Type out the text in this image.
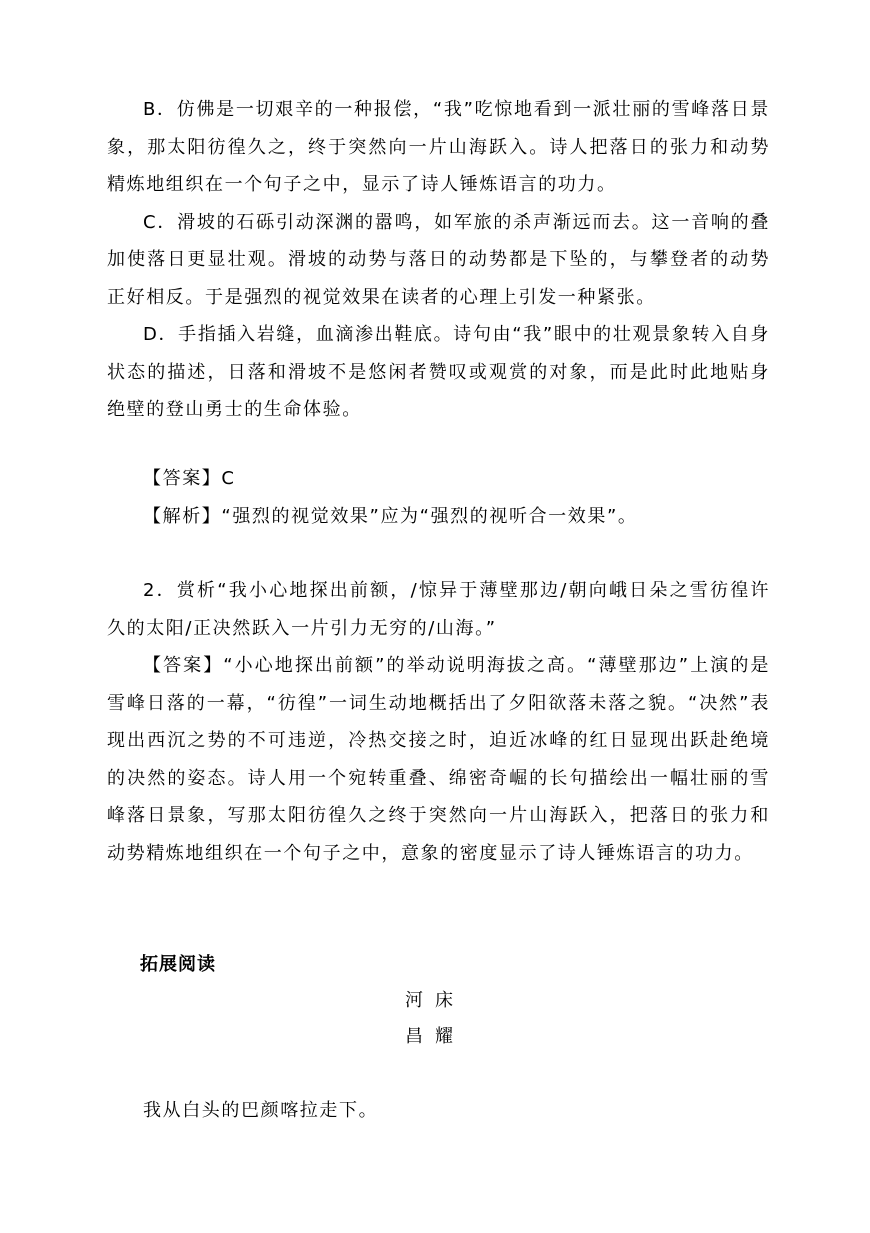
B．仿佛是一切艰辛的一种报偿，“我”吃惊地看到一派壮丽的雪峰落日景象，那太阳彷徨久之，终于突然向一片山海跃入。诗人把落日的张力和动势精炼地组织在一个句子之中，显示了诗人锤炼语言的功力。

C．滑坡的石砾引动深渊的嚣鸣，如军旅的杀声渐远而去。这一音响的叠加使落日更显壮观。滑坡的动势与落日的动势都是下坠的，与攀登者的动势正好相反。于是强烈的视觉效果在读者的心理上引发一种紧张。

D．手指插入岩缝，血滴渗出鞋底。诗句由“我”眼中的壮观景象转入自身状态的描述，日落和滑坡不是悠闲者赞叹或观赏的对象，而是此时此地贴身绝壁的登山勇士的生命体验。

【答案】C

【解析】“强烈的视觉效果”应为“强烈的视听合一效果”。

2．赏析“我小心地探出前额，/惊异于薄壁那边/朝向峨日朵之雪彷徨许久的太阳/正决然跃入一片引力无穷的/山海。”

【答案】“小心地探出前额”的举动说明海拔之高。“薄壁那边”上演的是雪峰日落的一幕，“彷徨”一词生动地概括出了夕阳欲落未落之貌。“决然”表现出西沉之势的不可违逆，冷热交接之时，迫近冰峰的红日显现出跃赴绝境的决然的姿态。诗人用一个宛转重叠、绵密奇崛的长句描绘出一幅壮丽的雪峰落日景象，写那太阳彷徨久之终于突然向一片山海跃入，把落日的张力和动势精炼地组织在一个句子之中，意象的密度显示了诗人锤炼语言的功力。

拓展阅读
河床
昌耀

我从白头的巴颜喀拉走下。
